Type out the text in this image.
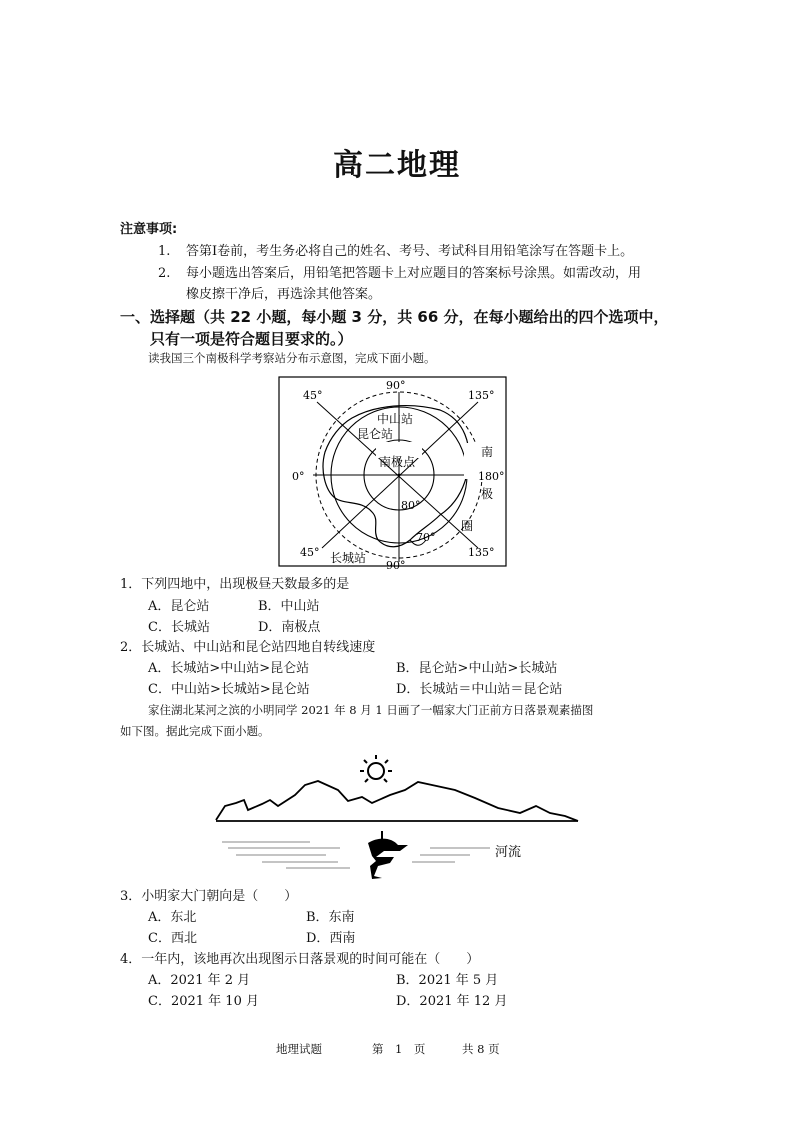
高二地理
注意事项:
1. 答第Ⅰ卷前，考生务必将自己的姓名、考号、考试科目用铅笔涂写在答题卡上。
2. 每小题选出答案后，用铅笔把答题卡上对应题目的答案标号涂黑。如需改动，用
橡皮擦干净后，再选涂其他答案。
一、选择题（共 22 小题，每小题 3 分，共 66 分，在每小题给出的四个选项中，
只有一项是符合题目要求的。）
读我国三个南极科学考察站分布示意图，完成下面小题。
90°
90°
0°	180°
45°	135°
45°	135°
中山站
昆仑站
南极点
长城站
80°
70°
南
极
圈
1．下列四地中，出现极昼天数最多的是
A．昆仑站	B．中山站
C．长城站	D．南极点
2．长城站、中山站和昆仑站四地自转线速度
A．长城站>中山站>昆仑站	B．昆仑站>中山站>长城站
C．中山站>长城站>昆仑站	D．长城站＝中山站＝昆仑站
家住湖北某河之滨的小明同学 2021 年 8 月 1 日画了一幅家大门正前方日落景观素描图
如下图。据此完成下面小题。
河流
3．小明家大门朝向是（　　）
A．东北	B．东南
C．西北	D．西南
4．一年内，该地再次出现图示日落景观的时间可能在（　　）
A．2021 年 2 月	B．2021 年 5 月
C．2021 年 10 月	D．2021 年 12 月
地理试题	第　1　页	共 8 页
